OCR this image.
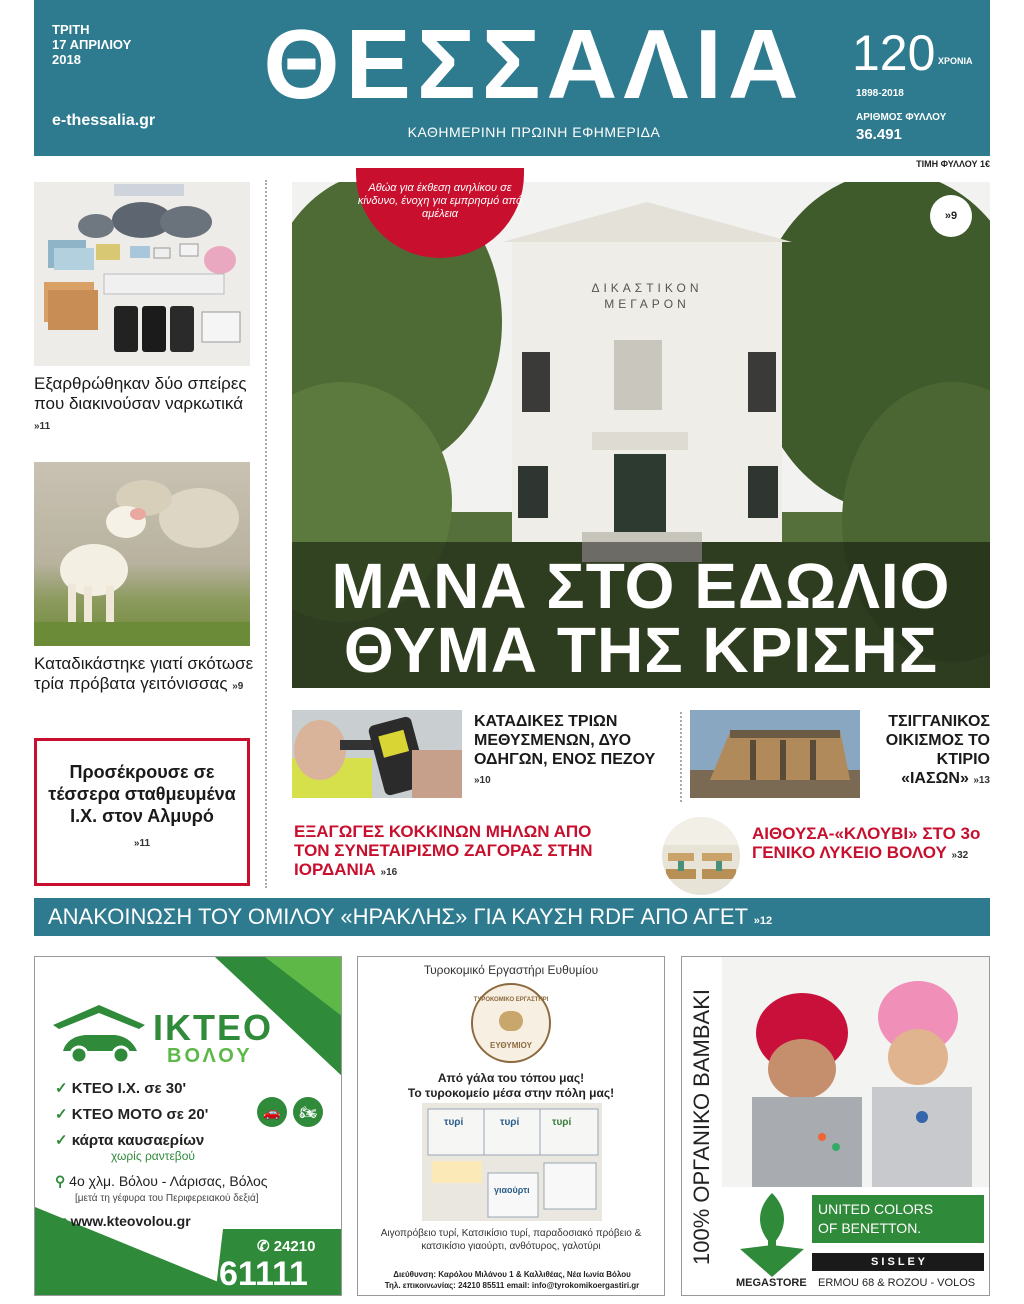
ΤΡΙΤΗ
17 ΑΠΡΙΛΙΟΥ
2018
e-thessalia.gr
ΘΕΣΣΑΛΙΑ
ΚΑΘΗΜΕΡΙΝΗ ΠΡΩΙΝΗ ΕΦΗΜΕΡΙΔΑ
120 ΧΡΟΝΙΑ
1898-2018
ΑΡΙΘΜΟΣ ΦΥΛΛΟΥ
36.491
ΤΙΜΗ ΦΥΛΛΟΥ 1€
Εξαρθρώθηκαν δύο σπείρες που διακινούσαν ναρκωτικά »11
Καταδικάστηκε γιατί σκότωσε τρία πρόβατα γειτόνισσας »9
Προσέκρουσε σε τέσσερα σταθμευμένα Ι.Χ. στον Αλμυρό
»11
ΔΙΚΑΣΤΙΚΟΝ
ΜΕΓΑΡΟΝ
ΜΑΝΑ ΣΤΟ ΕΔΩΛΙΟ
ΘΥΜΑ ΤΗΣ ΚΡΙΣΗΣ
Αθώα για έκθεση ανηλίκου σε κίνδυνο, ένοχη για εμπρησμό από αμέλεια	»9
ΚΑΤΑΔΙΚΕΣ ΤΡΙΩΝ ΜΕΘΥΣΜΕΝΩΝ, ΔΥΟ ΟΔΗΓΩΝ, ΕΝΟΣ ΠΕΖΟΥ »10
ΤΣΙΓΓΑΝΙΚΟΣ ΟΙΚΙΣΜΟΣ ΤΟ ΚΤΙΡΙΟ «ΙΑΣΩΝ» »13
ΕΞΑΓΩΓΕΣ ΚΟΚΚΙΝΩΝ ΜΗΛΩΝ ΑΠΟ ΤΟΝ ΣΥΝΕΤΑΙΡΙΣΜΟ ΖΑΓΟΡΑΣ ΣΤΗΝ ΙΟΡΔΑΝΙΑ »16
ΑΙΘΟΥΣΑ-«ΚΛΟΥΒΙ» ΣΤΟ 3ο ΓΕΝΙΚΟ ΛΥΚΕΙΟ ΒΟΛΟΥ »32
ΑΝΑΚΟΙΝΩΣΗ ΤΟΥ ΟΜΙΛΟΥ «ΗΡΑΚΛΗΣ» ΓΙΑ ΚΑΥΣΗ RDF ΑΠΟ ΑΓΕΤ »12
ΙΚΤΕΟ
ΒΟΛΟΥ
✓ ΚΤΕΟ Ι.Χ. σε 30'
✓ ΚΤΕΟ ΜΟΤΟ σε 20'
✓ κάρτα καυσαερίων
χωρίς ραντεβού
🚗	🏍
⚲ 4ο χλμ. Βόλου - Λάρισας, Βόλος
[μετά τη γέφυρα του Περιφερειακού δεξιά]
⚯ www.kteovolou.gr
✆ 24210
61111
Τυροκομικό Εργαστήρι Ευθυμίου
ΤΥΡΟΚΟΜΙΚΟ ΕΡΓΑΣΤΗΡΙ
ΕΥΘΥΜΙΟΥ
Από γάλα του τόπου μας!
Το τυροκομείο μέσα στην πόλη μας!
τυρί	τυρί	τυρί
γιαούρτι
Αιγοπρόβειο τυρί, Κατσικίσιο τυρί, παραδοσιακό πρόβειο & κατσικίσιο γιαούρτι, ανθότυρος, γαλοτύρι
Διεύθυνση: Καρόλου Μιλάνου 1 & Καλλιθέας, Νέα Ιωνία Βόλου
Τηλ. επικοινωνίας: 24210 85511 email: info@tyrokomikoergastiri.gr
100% ΟΡΓΑΝΙΚΟ ΒΑΜΒΑΚΙ	UNITED COLORS
OF BENETTON.
S I S L E Y
MEGASTORE ERMOU 68 & ROZOU - VOLOS
